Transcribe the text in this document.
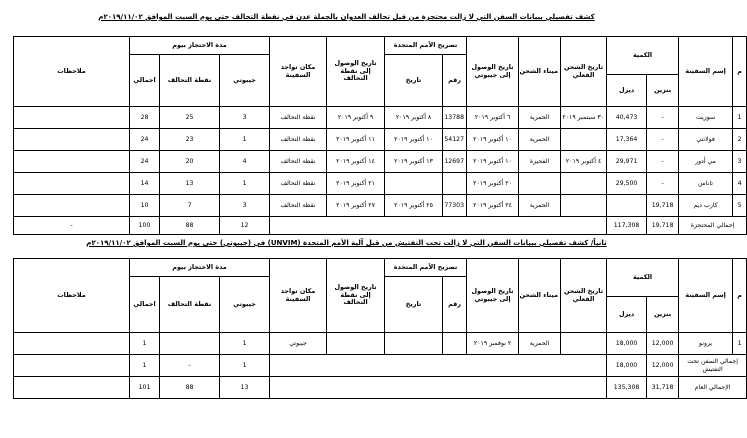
كشف تفصيلي ببيانات السفن التي لا زالت محتجزة من قبل تحالف العدوان بالجملة عدن في نقطة التحالف حتى يوم السبت الموافق ٢٠١٩/١١/٠٢م
م	إسم السفينة	الكمية		تاريخ الشحن الفعلي	ميناء الشحن	تاريخ الوصول إلى جيبوتي	تصريح الأمم المتحدة		تاريخ الوصول إلى نقطة التحالف	مكان تواجد السفينة	مدة الاحتجاز بيوم			ملاحظات
							رقم	تاريخ			جيبوتي	نقطة التحالف	اجمالي	
		بنزين	ديزل											
1	سوزيت	-	40,473	٣٠ سبتمبر ٢٠١٩	الحمرية	٦ أكتوبر ٢٠١٩	13788	٨ أكتوبر ٢٠١٩	٩ أكتوبر ٢٠١٩	نقطة التحالف	3	25	28	
2	فولانتي	-	17,364		الحمرية	١٠ أكتوبر ٢٠١٩	54127	١٠ أكتوبر ٢٠١٩	١١ أكتوبر ٢٠١٩	نقطة التحالف	1	23	24	
3	مي أدور	-	29,971	٤ أكتوبر ٢٠١٩	الفجيرة	١٠ أكتوبر ٢٠١٩	12697	١٣ أكتوبر ٢٠١٩	١٤ أكتوبر ٢٠١٩	نقطة التحالف	4	20	24	
4	تاناس	-	29,500			٢٠ أكتوبر ٢٠١٩			٢١ أكتوبر ٢٠١٩	نقطة التحالف	1	13	14	
5	كارب ديم	19,718			الحمرية	٢٤ أكتوبر ٢٠١٩	77303	٢٥ أكتوبر ٢٠١٩	٢٧ أكتوبر ٢٠١٩	نقطة التحالف	3	7	10	
إجمالي المحتجزة		19,718	117,308								12	88	100	-
ثانياً/ كشف تفصيلي ببيانات السفن التي لا زالت تحت التفتيش من قبل آلية الأمم المتحدة (UNVIM) في (جيبوتي) حتى يوم السبت الموافق ٢٠١٩/١١/٠٢م
م	إسم السفينة	الكمية		تاريخ الشحن الفعلي	ميناء الشحن	تاريخ الوصول إلى جيبوتي	تصريح الأمم المتحدة		تاريخ الوصول إلى نقطة التحالف	مكان تواجد السفينة	مدة الاحتجاز بيوم			ملاحظات
							رقم	تاريخ			جيبوتي	نقطة التحالف	اجمالي	
		بنزين	ديزل											
1	برونو	12,000	18,000		الحمرية	٢ نوفمبر ٢٠١٩				جيبوتي	1		1	
إجمالي السفن تحت التفتيش		12,000	18,000								1	-	1	
الإجمالي العام		31,718	135,308								13	88	101	
